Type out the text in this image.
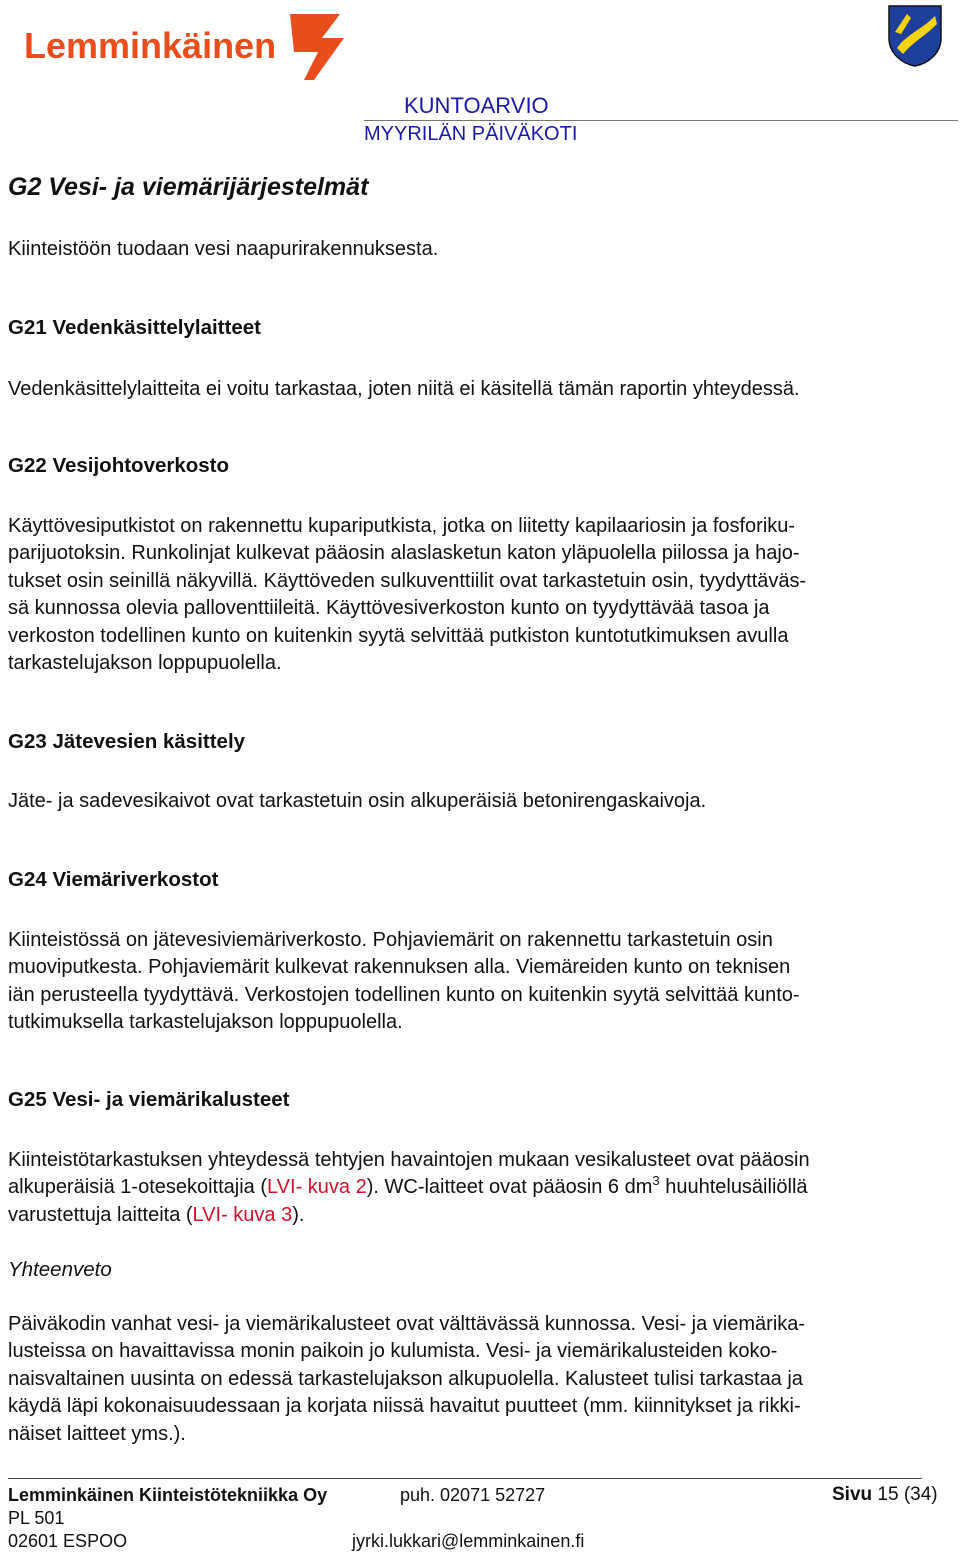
Lemminkäinen
KUNTOARVIO
MYYRILÄN PÄIVÄKOTI
G2 Vesi- ja viemärijärjestelmät

Kiinteistöön tuodaan vesi naapurirakennuksesta.

G21 Vedenkäsittelylaitteet

Vedenkäsittelylaitteita ei voitu tarkastaa, joten niitä ei käsitellä tämän raportin yhteydessä.

G22 Vesijohtoverkosto

Käyttövesiputkistot on rakennettu kupariputkista, jotka on liitetty kapilaariosin ja fosforiku-
parijuotoksin. Runkolinjat kulkevat pääosin alaslasketun katon yläpuolella piilossa ja hajo-
tukset osin seinillä näkyvillä. Käyttöveden sulkuventtiilit ovat tarkastetuin osin, tyydyttäväs-
sä kunnossa olevia palloventtiileitä. Käyttövesiverkoston kunto on tyydyttävää tasoa ja
verkoston todellinen kunto on kuitenkin syytä selvittää putkiston kuntotutkimuksen avulla
tarkastelujakson loppupuolella.

G23 Jätevesien käsittely

Jäte- ja sadevesikaivot ovat tarkastetuin osin alkuperäisiä betonirengaskaivoja.

G24 Viemäriverkostot

Kiinteistössä on jätevesiviemäriverkosto. Pohjaviemärit on rakennettu tarkastetuin osin
muoviputkesta. Pohjaviemärit kulkevat rakennuksen alla. Viemäreiden kunto on teknisen
iän perusteella tyydyttävä. Verkostojen todellinen kunto on kuitenkin syytä selvittää kunto-
tutkimuksella tarkastelujakson loppupuolella.

G25 Vesi- ja viemärikalusteet

Kiinteistötarkastuksen yhteydessä tehtyjen havaintojen mukaan vesikalusteet ovat pääosin
alkuperäisiä 1-otesekoittajia (LVI- kuva 2). WC-laitteet ovat pääosin 6 $dm^3$ huuhtelusäiliöllä
varustettuja laitteita (LVI- kuva 3).

Yhteenveto

Päiväkodin vanhat vesi- ja viemärikalusteet ovat välttävässä kunnossa. Vesi- ja viemärika-
lusteissa on havaittavissa monin paikoin jo kulumista. Vesi- ja viemärikalusteiden koko-
naisvaltainen uusinta on edessä tarkastelujakson alkupuolella. Kalusteet tulisi tarkastaa ja
käydä läpi kokonaisuudessaan ja korjata niissä havaitut puutteet (mm. kiinnitykset ja rikki-
näiset laitteet yms.).

Lemminkäinen Kiinteistötekniikka Oy	puh. 02071 52727	Sivu 15 (34)

PL 501

02601 ESPOO	jyrki.lukkari@lemminkainen.fi
